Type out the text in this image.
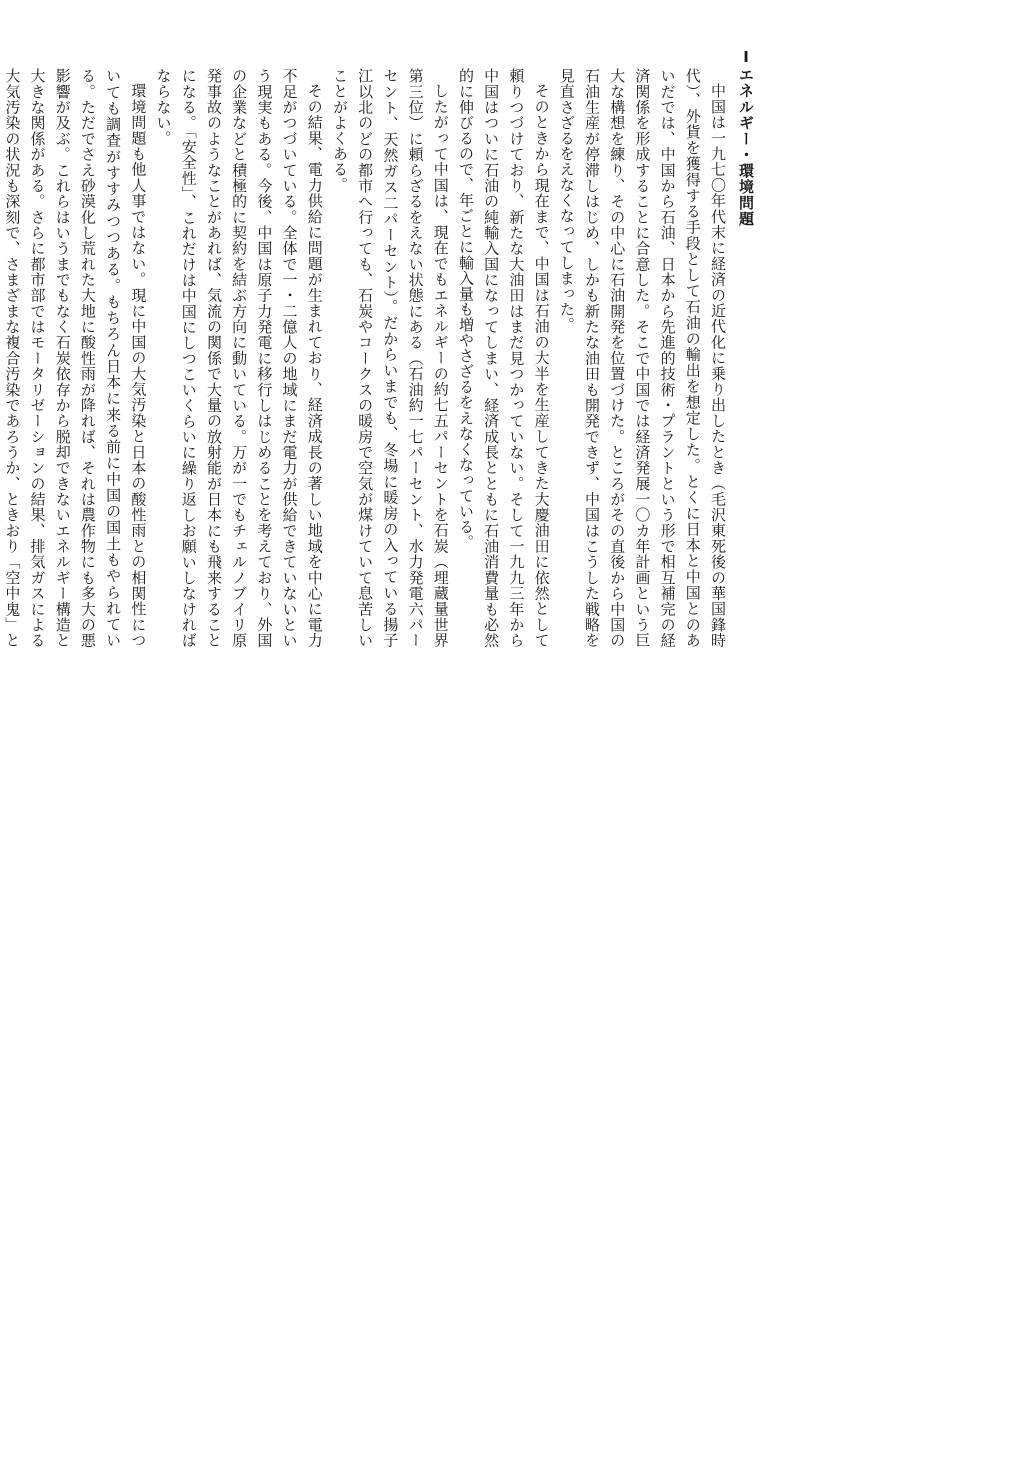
Ⅰエネルギー・環境問題

中国は一九七〇年代末に経済の近代化に乗り出したとき（毛沢東死後の華国鋒時代）、外貨を獲得する手段として石油の輸出を想定した。とくに日本と中国とのあいだでは、中国から石油、日本から先進的技術・プラントという形で相互補完の経済関係を形成することに合意した。そこで中国では経済発展一〇カ年計画という巨大な構想を練り、その中心に石油開発を位置づけた。ところがその直後から中国の石油生産が停滞しはじめ、しかも新たな油田も開発できず、中国はこうした戦略を見直さざるをえなくなってしまった。

そのときから現在まで、中国は石油の大半を生産してきた大慶油田に依然として頼りつづけており、新たな大油田はまだ見つかっていない。そして一九九三年から中国はついに石油の純輸入国になってしまい、経済成長とともに石油消費量も必然的に伸びるので、年ごとに輸入量も増やさざるをえなくなっている。

したがって中国は、現在でもエネルギーの約七五パーセントを石炭（埋蔵量世界第三位）に頼らざるをえない状態にある（石油約一七パーセント、水力発電六パーセント、天然ガス二パーセント）。だからいまでも、冬場に暖房の入っている揚子江以北のどの都市へ行っても、石炭やコークスの暖房で空気が煤けていて息苦しいことがよくある。

その結果、電力供給に問題が生まれており、経済成長の著しい地域を中心に電力不足がつづいている。全体で一・二億人の地域にまだ電力が供給できていないという現実もある。今後、中国は原子力発電に移行しはじめることを考えており、外国の企業などと積極的に契約を結ぶ方向に動いている。万が一でもチェルノブイリ原発事故のようなことがあれば、気流の関係で大量の放射能が日本にも飛来することになる。「安全性」、これだけは中国にしつこいくらいに繰り返しお願いしなければならない。

環境問題も他人事ではない。現に中国の大気汚染と日本の酸性雨との相関性についても調査がすすみつつある。もちろん日本に来る前に中国の国土もやられている。ただでさえ砂漠化し荒れた大地に酸性雨が降れば、それは農作物にも多大の悪影響が及ぶ。これらはいうまでもなく石炭依存から脱却できないエネルギー構造と大きな関係がある。さらに都市部ではモータリゼーションの結果、排気ガスによる大気汚染の状況も深刻で、さまざまな複合汚染であろうか、ときおり「空中鬼」と
